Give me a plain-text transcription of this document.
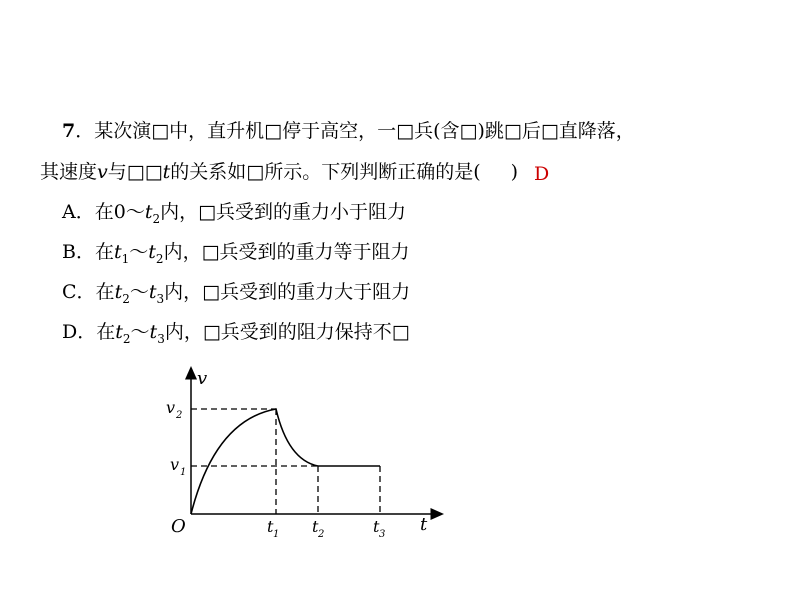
7．某次演□中，直升机□停于高空，一□兵(含□)跳□后□直降落，
其速度v与□□t的关系如□所示。下列判断正确的是( ) D
A．在$0\sim t_2$内，□兵受到的重力小于阻力
B．在$t_1\sim t_2$内，□兵受到的重力等于阻力
C．在$t_2\sim t_3$内，□兵受到的重力大于阻力
D．在$t_2\sim t_3$内，□兵受到的阻力保持不□
v
t
O
v 2
v 1
t 1 t 2	t 3
